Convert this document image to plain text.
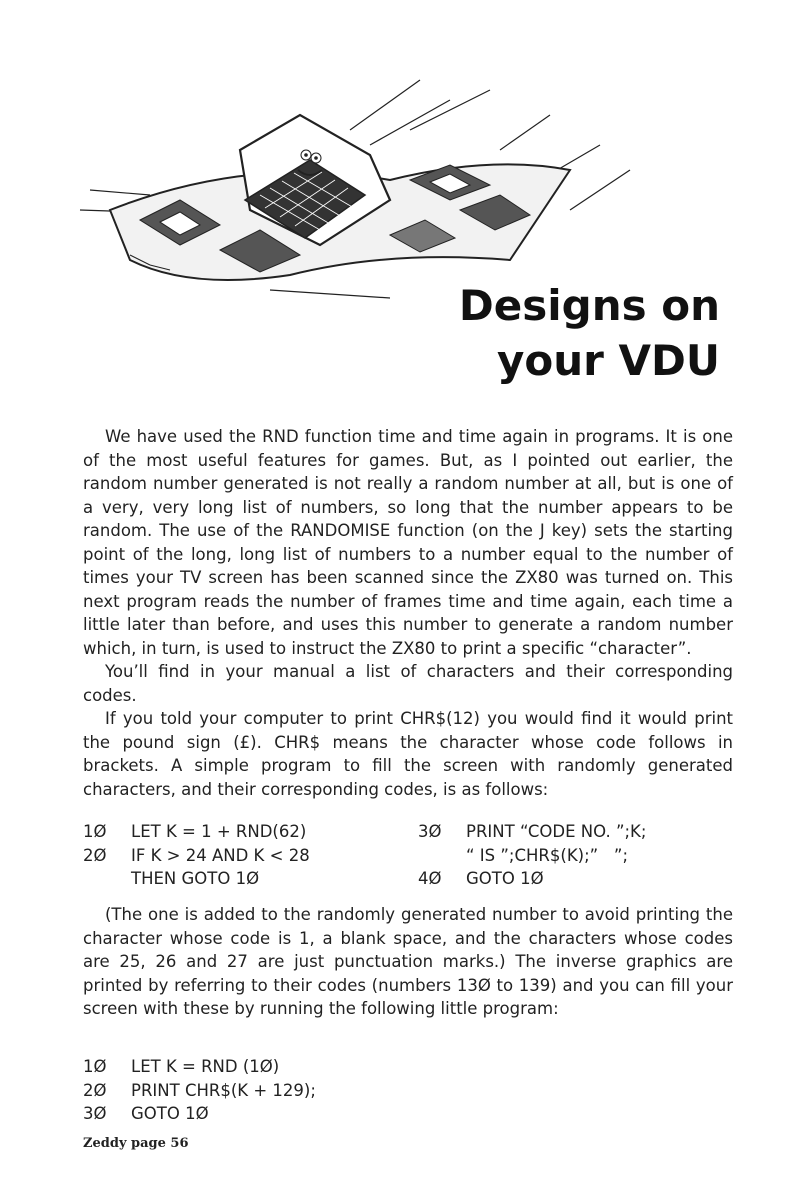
Designs on
your VDU

We have used the RND function time and time again in programs. It is one of the most useful features for games. But, as I pointed out earlier, the random number generated is not really a random number at all, but is one of a very, very long list of numbers, so long that the number appears to be random. The use of the RANDOMISE function (on the J key) sets the starting point of the long, long list of numbers to a number equal to the number of times your TV screen has been scanned since the ZX80 was turned on. This next program reads the number of frames time and time again, each time a little later than before, and uses this number to generate a random number which, in turn, is used to instruct the ZX80 to print a specific “character”.

You’ll find in your manual a list of characters and their corresponding codes.

If you told your computer to print CHR$(12) you would find it would print the pound sign (£). CHR$ means the character whose code follows in brackets. A simple program to fill the screen with randomly generated characters, and their corresponding codes, is as follows:

1Ø LET K = 1 + RND(62)
2Ø IF K > 24 AND K < 28
THEN GOTO 1Ø
3Ø PRINT “CODE NO. ”;K;
“ IS ”;CHR$(K);”   ”;
4Ø GOTO 1Ø

(The one is added to the randomly generated number to avoid printing the character whose code is 1, a blank space, and the characters whose codes are 25, 26 and 27 are just punctuation marks.) The inverse graphics are printed by referring to their codes (numbers 13Ø to 139) and you can fill your screen with these by running the following little program:

1Ø LET K = RND (1Ø)
2Ø PRINT CHR$(K + 129);
3Ø GOTO 1Ø
Zeddy page 56
